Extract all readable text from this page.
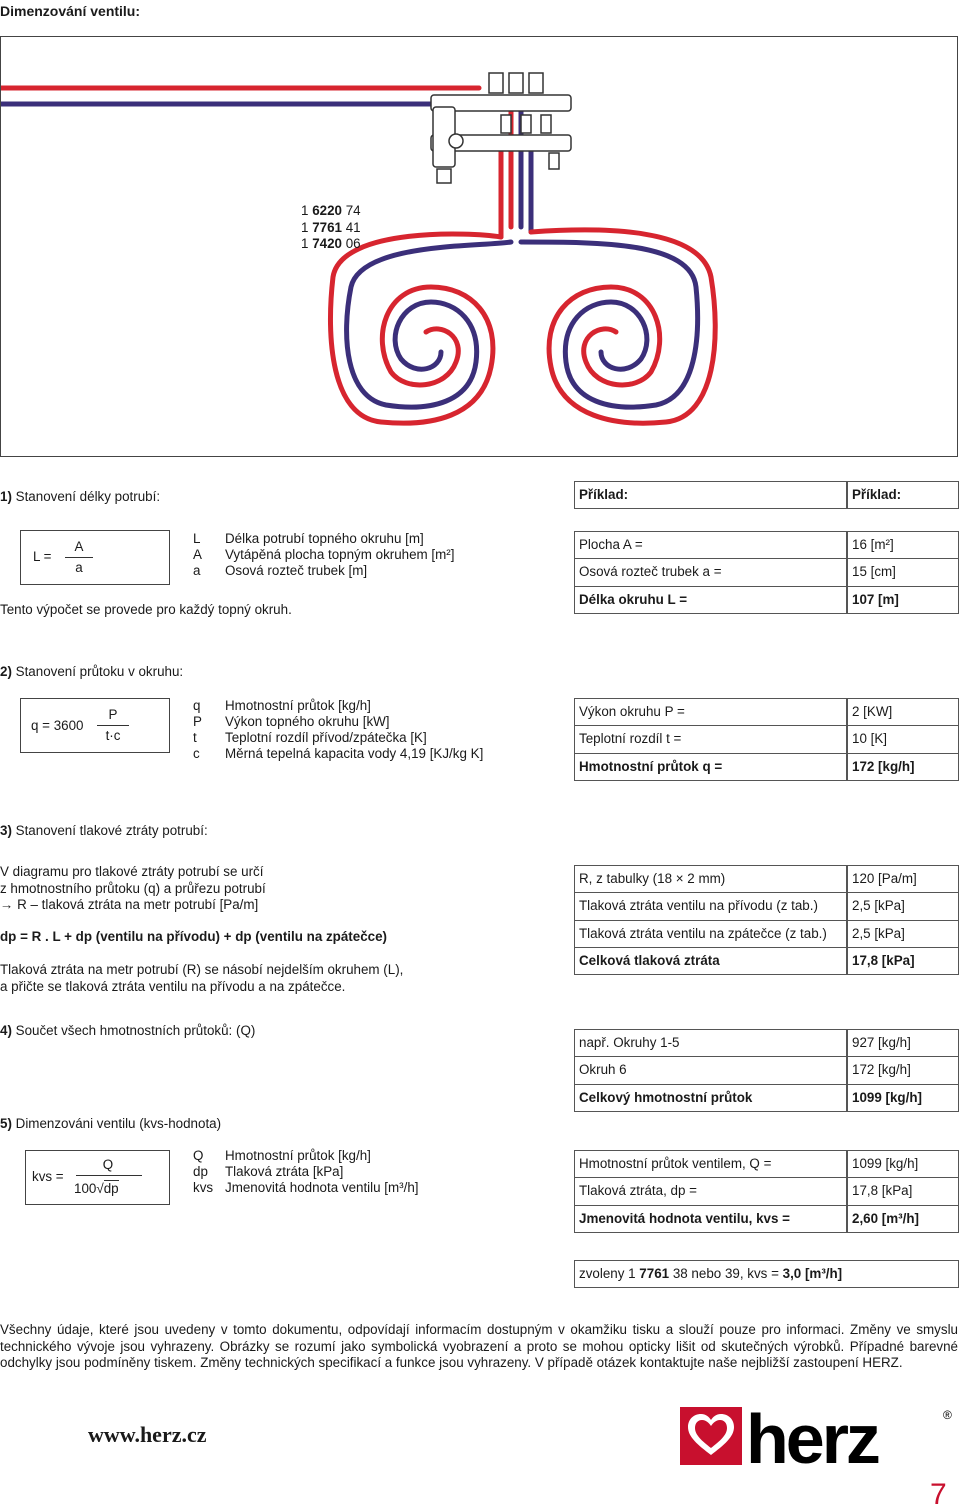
Dimenzování ventilu:
1 6220 74
1 7761 41
1 7420 06
1) Stanovení délky potrubí:
L =
A
a
L Délka potrubí topného okruhu [m]
A Vytápěná plocha topným okruhem [m²]
a Osová rozteč trubek [m]
Tento výpočet se provede pro každý topný okruh.
Příklad:	Příklad:
Plocha A =	16 [m²]
Osová rozteč trubek a =	15 [cm]
Délka okruhu L =	107 [m]
2) Stanovení průtoku v okruhu:
q = 3600
P
t·c
q Hmotnostní průtok [kg/h]
P Výkon topného okruhu [kW]
t Teplotní rozdíl přívod/zpátečka [K]
c Měrná tepelná kapacita vody 4,19 [KJ/kg K]
Výkon okruhu P =	2 [KW]
Teplotní rozdíl t =	10 [K]
Hmotnostní průtok q =	172 [kg/h]
3) Stanovení tlakové ztráty potrubí:
V diagramu pro tlakové ztráty potrubí se určí
z hmotnostního průtoku (q) a průřezu potrubí
→ R – tlaková ztráta na metr potrubí [Pa/m]
dp = R . L + dp (ventilu na přívodu) + dp (ventilu na zpátečce)
Tlaková ztráta na metr potrubí (R) se násobí nejdelším okruhem (L),
a přičte se tlaková ztráta ventilu na přívodu a na zpátečce.
R, z tabulky (18 × 2 mm)	120 [Pa/m]
Tlaková ztráta ventilu na přívodu (z tab.)	2,5 [kPa]
Tlaková ztráta ventilu na zpátečce (z tab.)	2,5 [kPa]
Celková tlaková ztráta	17,8 [kPa]
4) Součet všech hmotnostních průtoků: (Q)
např. Okruhy 1-5	927 [kg/h]
Okruh 6	172 [kg/h]
Celkový hmotnostní průtok	1099 [kg/h]
5) Dimenzováni ventilu (kvs-hodnota)
kvs =
Q
100√dp
Q Hmotnostní průtok [kg/h]
dp Tlaková ztráta [kPa]
kvs Jmenovitá hodnota ventilu [m³/h]
Hmotnostní průtok ventilem, Q =	1099 [kg/h]
Tlaková ztráta, dp =	17,8 [kPa]
Jmenovitá hodnota ventilu, kvs =	2,60 [m³/h]
zvoleny 1 7761 38 nebo 39, kvs = 3,0 [m³/h]
Všechny údaje, které jsou uvedeny v tomto dokumentu, odpovídají informacím dostupným v okamžiku tisku a slouží pouze pro informaci. Změny ve smyslu technického vývoje jsou vyhrazeny. Obrázky se rozumí jako symbolická vyobrazení a proto se mohou opticky lišit od skutečných výrobků. Případné barevné odchylky jsou podmíněny tiskem. Změny technických specifikací a funkce jsou vyhrazeny. V případě otázek kontaktujte naše nejbližší zastoupení HERZ.
www.herz.cz	herz	®
7
